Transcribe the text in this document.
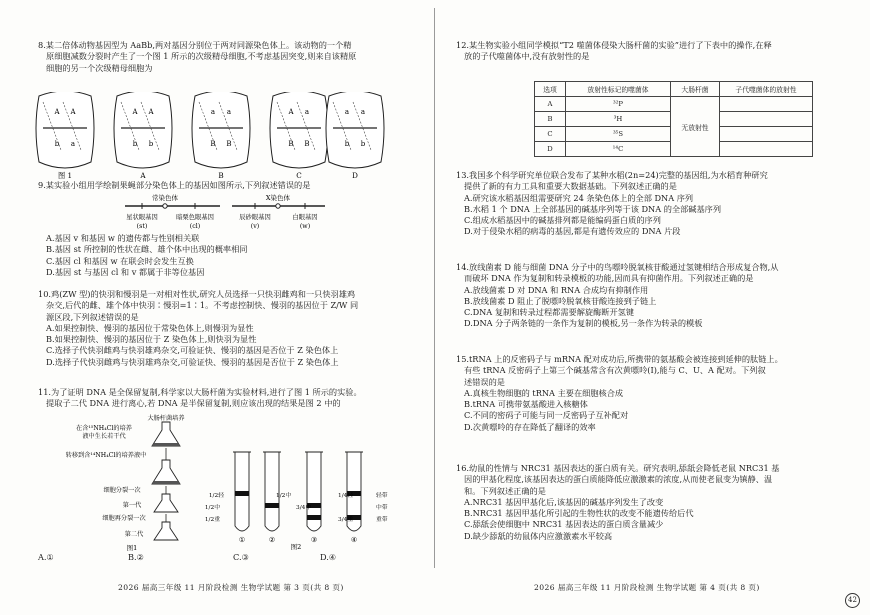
8.某二倍体动物基因型为 AaBb,两对基因分别位于两对同源染色体上。该动物的一个精

原细胞减数分裂时产生了一个图 1 所示的次级精母细胞,不考虑基因突变,则来自该精原

细胞的另一个次级精母细胞为

A A
b a
图 1
A A
b b
A
a a
B B
B
A a
B B
C
a a
b b
D

9.某实验小组用学绘制果蝇部分染色体上的基因如图所示,下列叙述错误的是

常染色体	X染色体
星状眼基因
(st)
暗栗色眼基因
(cl)
辰砂眼基因
(v)
白眼基因
(w)

A.基因 v 和基因 w 的遗传都与性别相关联

B.基因 st 所控制的性状在雌、雄个体中出现的概率相同

C.基因 cl 和基因 w 在联会时会发生互换

D.基因 st 与基因 cl 和 v 都属于非等位基因

10.鸡(ZW 型)的快羽和慢羽是一对相对性状,研究人员选择一只快羽雌鸡和一只快羽雄鸡

杂交,后代的雌、雄个体中快羽∶慢羽=1∶1。不考虑控制快、慢羽的基因位于 Z/W 同

源区段,下列叙述错误的是

A.如果控制快、慢羽的基因位于常染色体上,则慢羽为显性

B.如果控制快、慢羽的基因位于 Z 染色体上,则快羽为显性

C.选择子代快羽雌鸡与快羽雄鸡杂交,可验证快、慢羽的基因是否位于 Z 染色体上

D.选择子代快羽雌鸡与快羽雄鸡杂交,可验证快、慢羽的基因是否位于 Z 染色体上

11.为了证明 DNA 是全保留复制,科学家以大肠杆菌为实验材料,进行了图 1 所示的实验。

提取子二代 DNA 进行离心,若 DNA 是半保留复制,则应该出现的结果是图 2 中的

大肠杆菌培养
在含¹⁵NH₄Cl的培养
液中生长若干代
转移到含¹⁴NH₄Cl的培养液中
细胞分裂一次
第一代
细胞再分裂一次
第二代
图1
①	②	③	④
1/2轻
1/2中
1/2重
1/2中
3/4中
1/4轻
3/4重
轻带
中带
重带
图2
A.①	B.②	C.③	D.④
2026 届高三年级 11 月阶段检测 生物学试题 第 3 页(共 8 页)

12.某生物实验小组同学模拟“T2 噬菌体侵染大肠杆菌的实验”进行了下表中的操作,在释

放的子代噬菌体中,没有放射性的是

选项	放射性标记的噬菌体	大肠杆菌	子代噬菌体的放射性
A	³²P	无放射性	
B	³H		
C	³⁵S		
D	¹⁴C		

13.我国多个科学研究单位联合发布了某种水稻(2n=24)完整的基因组,为水稻育种研究

提供了新的有力工具和重要大数据基础。下列叙述正确的是

A.研究该水稻基因组需要研究 24 条染色体上的全部 DNA 序列

B.水稻 1 个 DNA 上全部基因的碱基序列等于该 DNA 的全部碱基序列

C.组成水稻基因中的碱基排列都是能编码蛋白质的序列

D.对于侵染水稻的病毒的基因,都是有遗传效应的 DNA 片段

14.放线菌素 D 能与细菌 DNA 分子中的鸟嘌呤脱氧核苷酸通过氢键相结合形成复合物,从

而破坏 DNA 作为复制和转录模板的功能,因而具有抑菌作用。下列叙述正确的是

A.放线菌素 D 对 DNA 和 RNA 合成均有抑制作用

B.放线菌素 D 阻止了脱嘌呤脱氧核苷酸连接到子链上

C.DNA 复制和转录过程都需要解旋酶断开氢键

D.DNA 分子两条链的一条作为复制的模板,另一条作为转录的模板

15.tRNA 上的反密码子与 mRNA 配对成功后,所携带的氨基酸会被连接到延伸的肽链上。

有些 tRNA 反密码子上第三个碱基常含有次黄嘌呤(I),能与 C、U、A 配对。下列叙

述错误的是

A.真核生物细胞的 tRNA 主要在细胞核合成

B.tRNA 可携带氨基酸进入核糖体

C.不同的密码子可能与同一反密码子互补配对

D.次黄嘌呤的存在降低了翻译的效率

16.幼鼠的性情与 NRC31 基因表达的蛋白质有关。研究表明,舔舐会降低老鼠 NRC31 基

因的甲基化程度,该基因表达的蛋白质能降低应激激素的浓度,从而使老鼠变为镇静、温

和。下列叙述正确的是

A.NRC31 基因甲基化后,该基因的碱基序列发生了改变

B.NRC31 基因甲基化所引起的生物性状的改变不能遗传给后代

C.舔舐会使细胞中 NRC31 基因表达的蛋白质含量减少

D.缺少舔舐的幼鼠体内应激激素水平较高

2026 届高三年级 11 月阶段检测 生物学试题 第 4 页(共 8 页)
42
